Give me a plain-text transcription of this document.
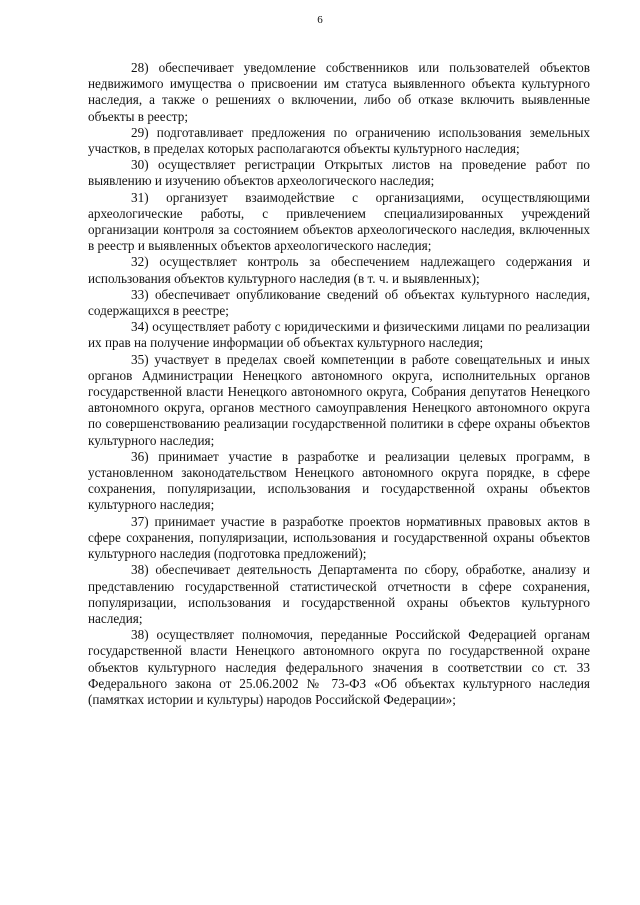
6

28) обеспечивает уведомление собственников или пользователей объектов недвижимого имущества о присвоении им статуса выявленного объекта культурного наследия, а также о решениях о включении, либо об отказе включить выявленные объекты в реестр;

29) подготавливает предложения по ограничению использования земельных участков, в пределах которых располагаются объекты культурного наследия;

30) осуществляет регистрации Открытых листов на проведение работ по выявлению и изучению объектов археологического наследия;

31) организует взаимодействие с организациями, осуществляющими археологические работы, с привлечением специализированных учреждений организации контроля за состоянием объектов археологического наследия, включенных в реестр и выявленных объектов археологического наследия;

32) осуществляет контроль за обеспечением надлежащего содержания и использования объектов культурного наследия (в т. ч. и выявленных);

33) обеспечивает опубликование сведений об объектах культурного наследия, содержащихся в реестре;

34) осуществляет работу с юридическими и физическими лицами по реализации их прав на получение информации об объектах культурного наследия;

35) участвует в пределах своей компетенции в работе совещательных и иных органов Администрации Ненецкого автономного округа, исполнительных органов государственной власти Ненецкого автономного округа, Собрания депутатов Ненецкого автономного округа, органов местного самоуправления Ненецкого автономного округа по совершенствованию реализации государственной политики в сфере охраны объектов культурного наследия;

36) принимает участие в разработке и реализации целевых программ, в установленном законодательством Ненецкого автономного округа порядке, в сфере сохранения, популяризации, использования и государственной охраны объектов культурного наследия;

37) принимает участие в разработке проектов нормативных правовых актов в сфере сохранения, популяризации, использования и государственной охраны объектов культурного наследия (подготовка предложений);

38) обеспечивает деятельность Департамента по сбору, обработке, анализу и представлению государственной статистической отчетности в сфере сохранения, популяризации, использования и государственной охраны объектов культурного наследия;

38) осуществляет полномочия, переданные Российской Федерацией органам государственной власти Ненецкого автономного округа по государственной охране объектов культурного наследия федерального значения в соответствии со ст. 33 Федерального закона от 25.06.2002 № 73-ФЗ «Об объектах культурного наследия (памятках истории и культуры) народов Российской Федерации»;
